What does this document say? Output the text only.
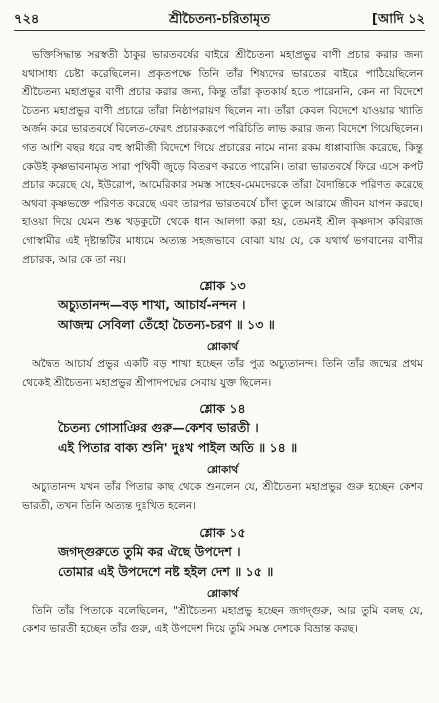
৭২৪	শ্রীচৈতন্য-চরিতামৃত	[আদি ১২

ভক্তিসিদ্ধান্ত সরস্বতী ঠাকুর ভারতবর্ষের বাইরে শ্রীচৈতন্য মহাপ্রভুর বাণী প্রচার করার জন্য যথাসাধ্য চেষ্টা করেছিলেন। প্রকৃতপক্ষে তিনি তাঁর শিষ্যদের ভারতের বাইরে পাঠিয়েছিলেন শ্রীচৈতন্য মহাপ্রভুর বাণী প্রচার করার জন্য, কিন্তু তাঁরা কৃতকার্য হতে পারেননি, কেন না বিদেশে চৈতন্য মহাপ্রভুর বাণী প্রচারে তাঁরা নিষ্ঠাপরায়ণ ছিলেন না। তাঁরা কেবল বিদেশে যাওয়ার খ্যাতি অর্জন করে ভারতবর্ষে বিলেত-ফেরৎ প্রচারকরূপে পরিচিতি লাভ করার জন্য বিদেশে গিয়েছিলেন। গত আশি বছর ধরে বহু স্বামীজী বিদেশে গিয়ে প্রচারের নামে নানা রকম ধাপ্পাবাজি করেছে, কিন্তু কেউই কৃষ্ণভাবনামৃত সারা পৃথিবী জুড়ে বিতরণ করতে পারেনি। তারা ভারতবর্ষে ফিরে এসে কপট প্রচার করেছে যে, ইউরোপ, আমেরিকার সমস্ত সাহেব-মেমদেরকে তাঁরা বৈদান্তিকে পরিণত করেছে অথবা কৃষ্ণভক্তে পরিণত করেছে এবং তারপর ভারতবর্ষে চাঁদা তুলে আরামে জীবন যাপন করছে। হাওয়া দিয়ে যেমন শুষ্ক খড়কুটো থেকে ধান আলগা করা হয়, তেমনই শ্রীল কৃষ্ণদাস কবিরাজ গোস্বামীর এই দৃষ্টান্তটির মাধ্যমে অত্যন্ত সহজভাবে বোঝা যায় যে, কে যথার্থ ভগবানের বাণীর প্রচারক, আর কে তা নয়।

শ্লোক ১৩
অচ্যুতানন্দ—বড় শাখা, আচার্য-নন্দন ।
আজন্ম সেবিলা তেঁহো চৈতন্য-চরণ ॥ ১৩ ॥
শ্লোকার্থ

অদ্বৈত আচার্য প্রভুর একটি বড় শাখা হচ্ছেন তাঁর পুত্র অচ্যুতানন্দ। তিনি তাঁর জন্মের প্রথম থেকেই শ্রীচৈতন্য মহাপ্রভুর শ্রীপাদপদ্মের সেবায় যুক্ত ছিলেন।

শ্লোক ১৪
চৈতন্য গোসাঞির গুরু—কেশব ভারতী ।
এই পিতার বাক্য শুনি' দুঃখ পাইল অতি ॥ ১৪ ॥
শ্লোকার্থ

অচ্যুতানন্দ যখন তাঁর পিতার কাছ থেকে শুনলেন যে, শ্রীচৈতন্য মহাপ্রভুর গুরু হচ্ছেন কেশব ভারতী, তখন তিনি অত্যন্ত দুঃখিত হলেন।

শ্লোক ১৫
জগদ্‌গুরুতে তুমি কর ঐছে উপদেশ ।
তোমার এই উপদেশে নষ্ট হইল দেশ ॥ ১৫ ॥
শ্লোকার্থ

তিনি তাঁর পিতাকে বলেছিলেন, "শ্রীচৈতন্য মহাপ্রভু হচ্ছেন জগদ্‌গুরু, আর তুমি বলছ যে, কেশব ভারতী হচ্ছেন তাঁর গুরু, এই উপদেশ দিয়ে তুমি সমস্ত দেশকে বিভ্রান্ত করছ।
